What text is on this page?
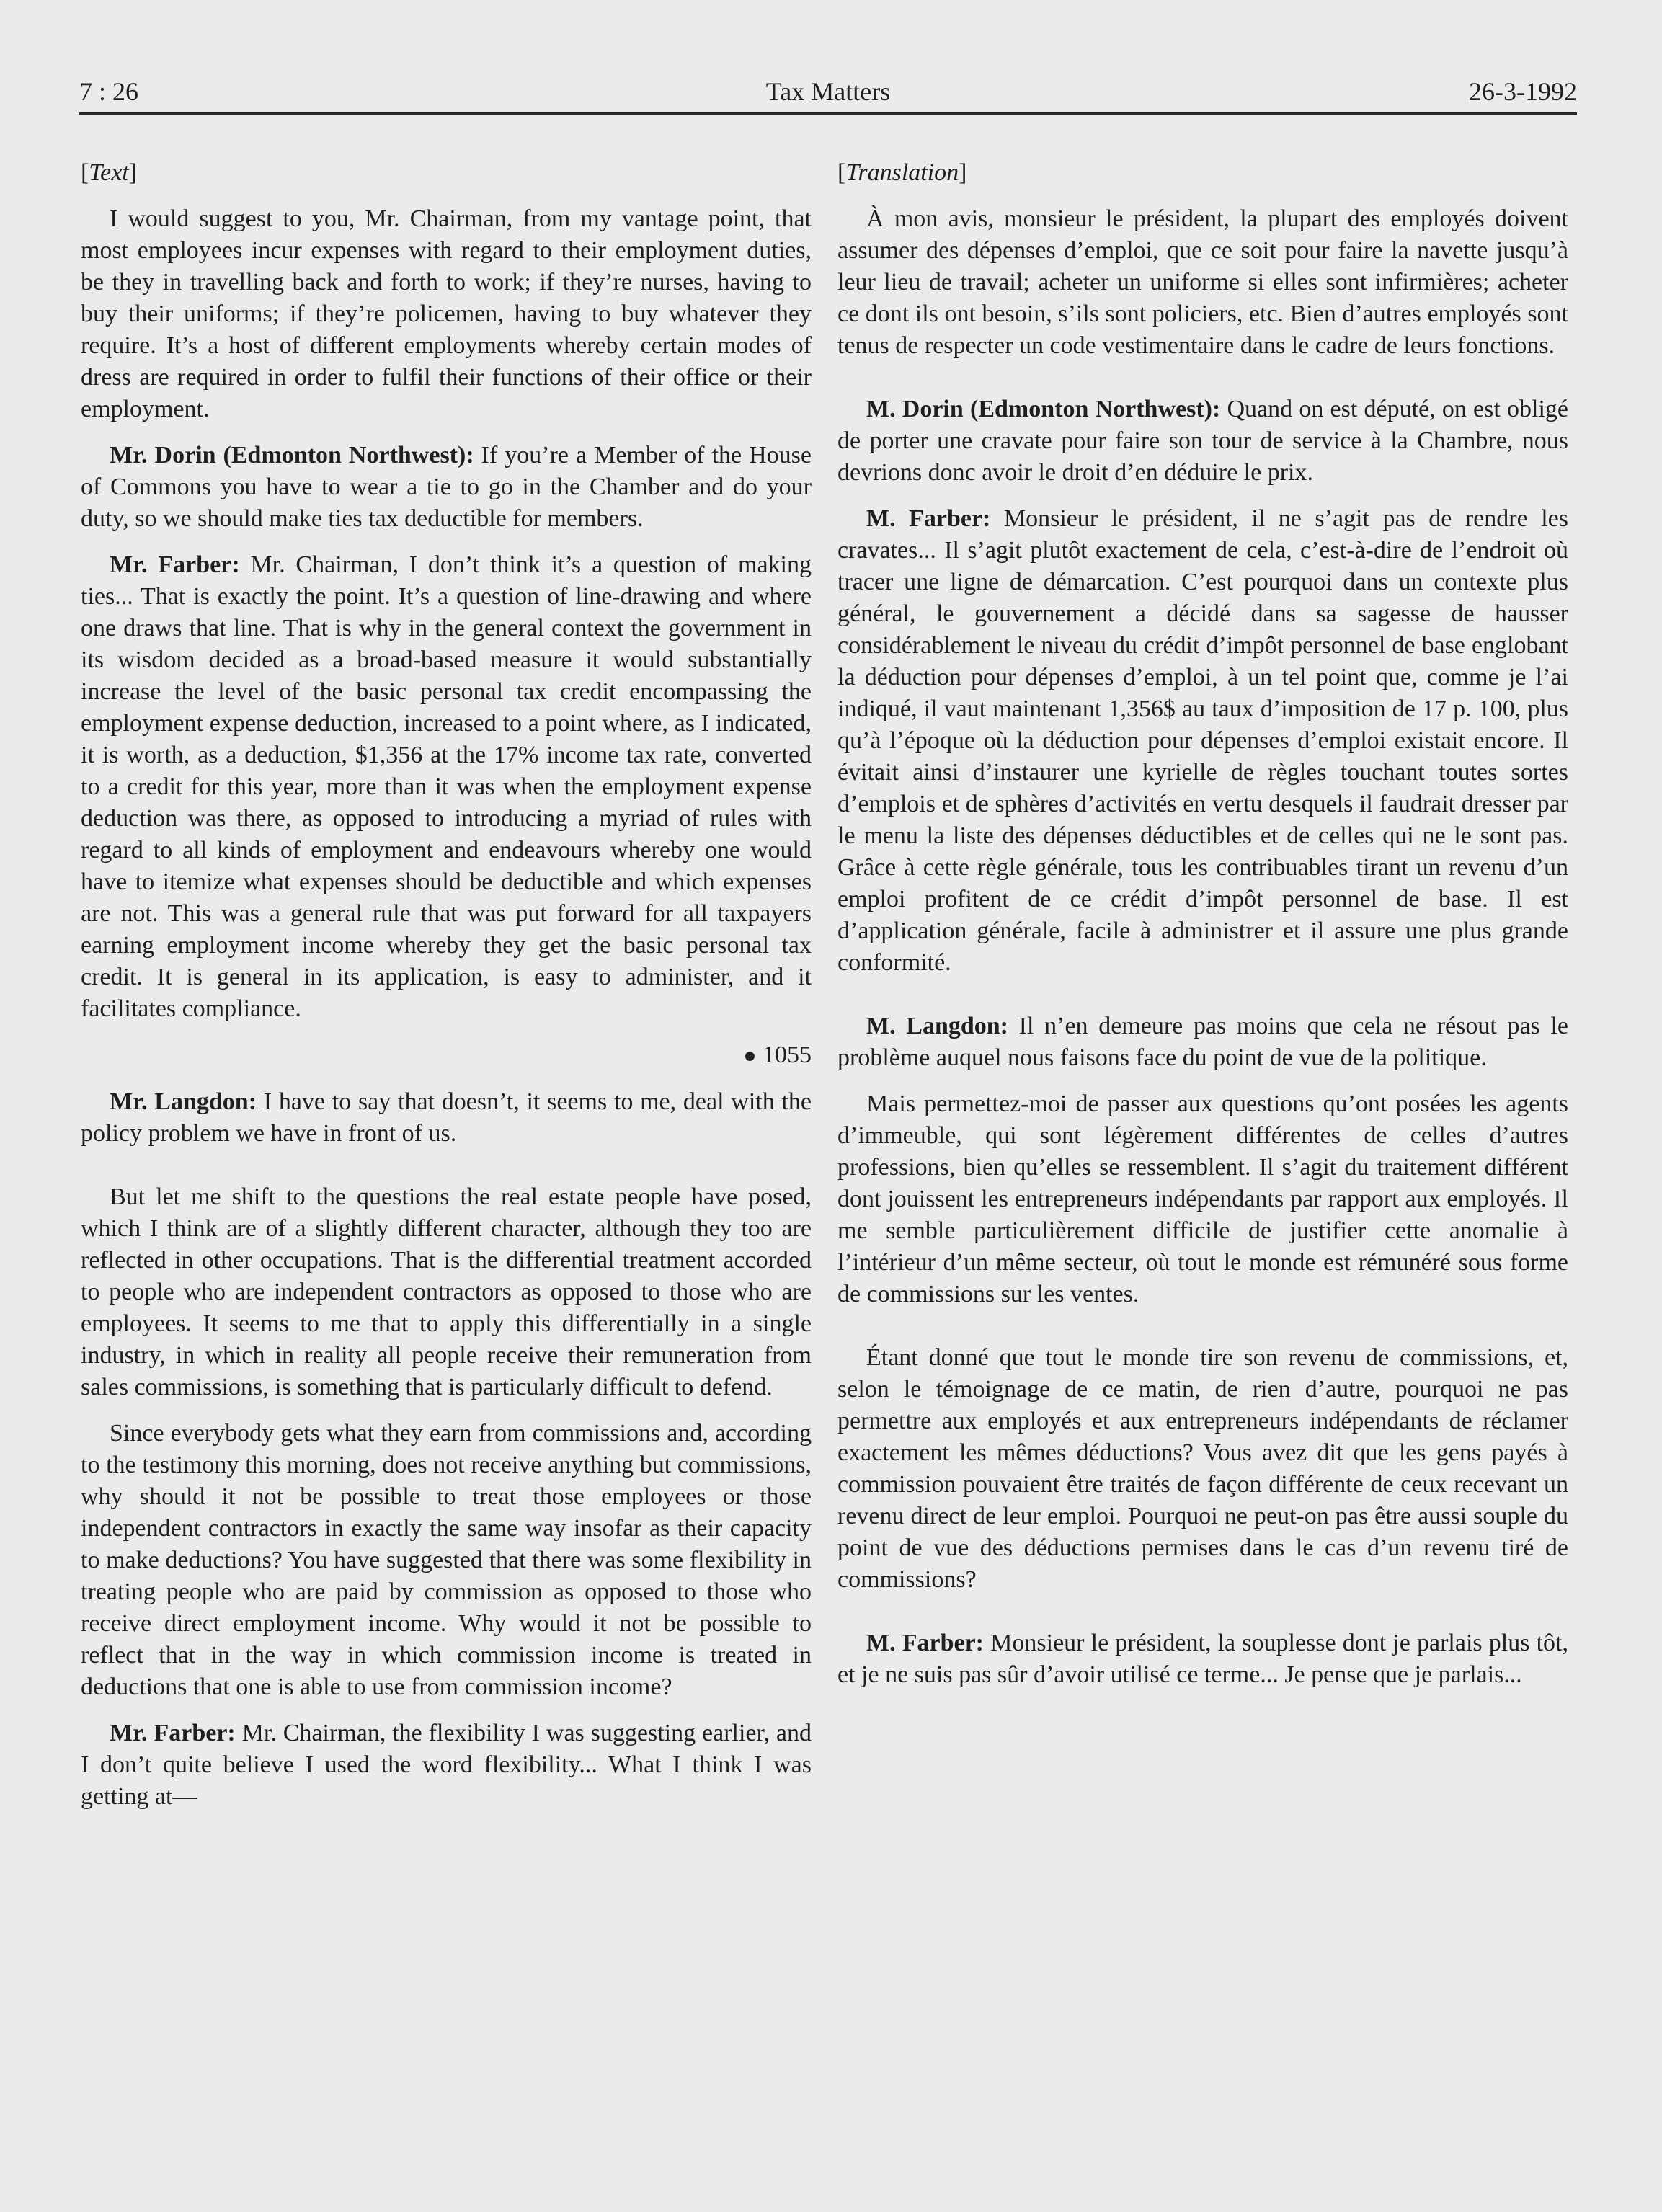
7 : 26	Tax Matters	26-3-1992

[Text]

I would suggest to you, Mr. Chairman, from my vantage point, that most employees incur expenses with regard to their employment duties, be they in travelling back and forth to work; if they’re nurses, having to buy their uniforms; if they’re policemen, having to buy whatever they require. It’s a host of different employments whereby certain modes of dress are required in order to fulfil their functions of their office or their employment.

Mr. Dorin (Edmonton Northwest): If you’re a Member of the House of Commons you have to wear a tie to go in the Chamber and do your duty, so we should make ties tax deductible for members.

Mr. Farber: Mr. Chairman, I don’t think it’s a question of making ties... That is exactly the point. It’s a question of line-drawing and where one draws that line. That is why in the general context the government in its wisdom decided as a broad-based measure it would substantially increase the level of the basic personal tax credit encompassing the employment expense deduction, increased to a point where, as I indicated, it is worth, as a deduction, $1,356 at the 17% income tax rate, converted to a credit for this year, more than it was when the employment expense deduction was there, as opposed to introducing a myriad of rules with regard to all kinds of employment and endeavours whereby one would have to itemize what expenses should be deductible and which expenses are not. This was a general rule that was put forward for all taxpayers earning employment income whereby they get the basic personal tax credit. It is general in its application, is easy to administer, and it facilitates compliance.

● 1055

Mr. Langdon: I have to say that doesn’t, it seems to me, deal with the policy problem we have in front of us.

But let me shift to the questions the real estate people have posed, which I think are of a slightly different character, although they too are reflected in other occupations. That is the differential treatment accorded to people who are independent contractors as opposed to those who are employees. It seems to me that to apply this differentially in a single industry, in which in reality all people receive their remuneration from sales commissions, is something that is particularly difficult to defend.

Since everybody gets what they earn from commissions and, according to the testimony this morning, does not receive anything but commissions, why should it not be possible to treat those employees or those independent contractors in exactly the same way insofar as their capacity to make deductions? You have suggested that there was some flexibility in treating people who are paid by commission as opposed to those who receive direct employment income. Why would it not be possible to reflect that in the way in which commission income is treated in deductions that one is able to use from commission income?

Mr. Farber: Mr. Chairman, the flexibility I was suggesting earlier, and I don’t quite believe I used the word flexibility... What I think I was getting at—

[Translation]

À mon avis, monsieur le président, la plupart des employés doivent assumer des dépenses d’emploi, que ce soit pour faire la navette jusqu’à leur lieu de travail; acheter un uniforme si elles sont infirmières; acheter ce dont ils ont besoin, s’ils sont policiers, etc. Bien d’autres employés sont tenus de respecter un code vestimentaire dans le cadre de leurs fonctions.

M. Dorin (Edmonton Northwest): Quand on est député, on est obligé de porter une cravate pour faire son tour de service à la Chambre, nous devrions donc avoir le droit d’en déduire le prix.

M. Farber: Monsieur le président, il ne s’agit pas de rendre les cravates... Il s’agit plutôt exactement de cela, c’est-à-dire de l’endroit où tracer une ligne de démarcation. C’est pourquoi dans un contexte plus général, le gouvernement a décidé dans sa sagesse de hausser considérablement le niveau du crédit d’impôt personnel de base englobant la déduction pour dépenses d’emploi, à un tel point que, comme je l’ai indiqué, il vaut maintenant 1,356$ au taux d’imposition de 17 p. 100, plus qu’à l’époque où la déduction pour dépenses d’emploi existait encore. Il évitait ainsi d’instaurer une kyrielle de règles touchant toutes sortes d’emplois et de sphères d’activités en vertu desquels il faudrait dresser par le menu la liste des dépenses déductibles et de celles qui ne le sont pas. Grâce à cette règle générale, tous les contribuables tirant un revenu d’un emploi profitent de ce crédit d’impôt personnel de base. Il est d’application générale, facile à administrer et il assure une plus grande conformité.

M. Langdon: Il n’en demeure pas moins que cela ne résout pas le problème auquel nous faisons face du point de vue de la politique.

Mais permettez-moi de passer aux questions qu’ont posées les agents d’immeuble, qui sont légèrement différentes de celles d’autres professions, bien qu’elles se ressemblent. Il s’agit du traitement différent dont jouissent les entrepreneurs indépendants par rapport aux employés. Il me semble particulièrement difficile de justifier cette anomalie à l’intérieur d’un même secteur, où tout le monde est rémunéré sous forme de commissions sur les ventes.

Étant donné que tout le monde tire son revenu de commissions, et, selon le témoignage de ce matin, de rien d’autre, pourquoi ne pas permettre aux employés et aux entrepreneurs indépendants de réclamer exactement les mêmes déductions? Vous avez dit que les gens payés à commission pouvaient être traités de façon différente de ceux recevant un revenu direct de leur emploi. Pourquoi ne peut-on pas être aussi souple du point de vue des déductions permises dans le cas d’un revenu tiré de commissions?

M. Farber: Monsieur le président, la souplesse dont je parlais plus tôt, et je ne suis pas sûr d’avoir utilisé ce terme... Je pense que je parlais...
